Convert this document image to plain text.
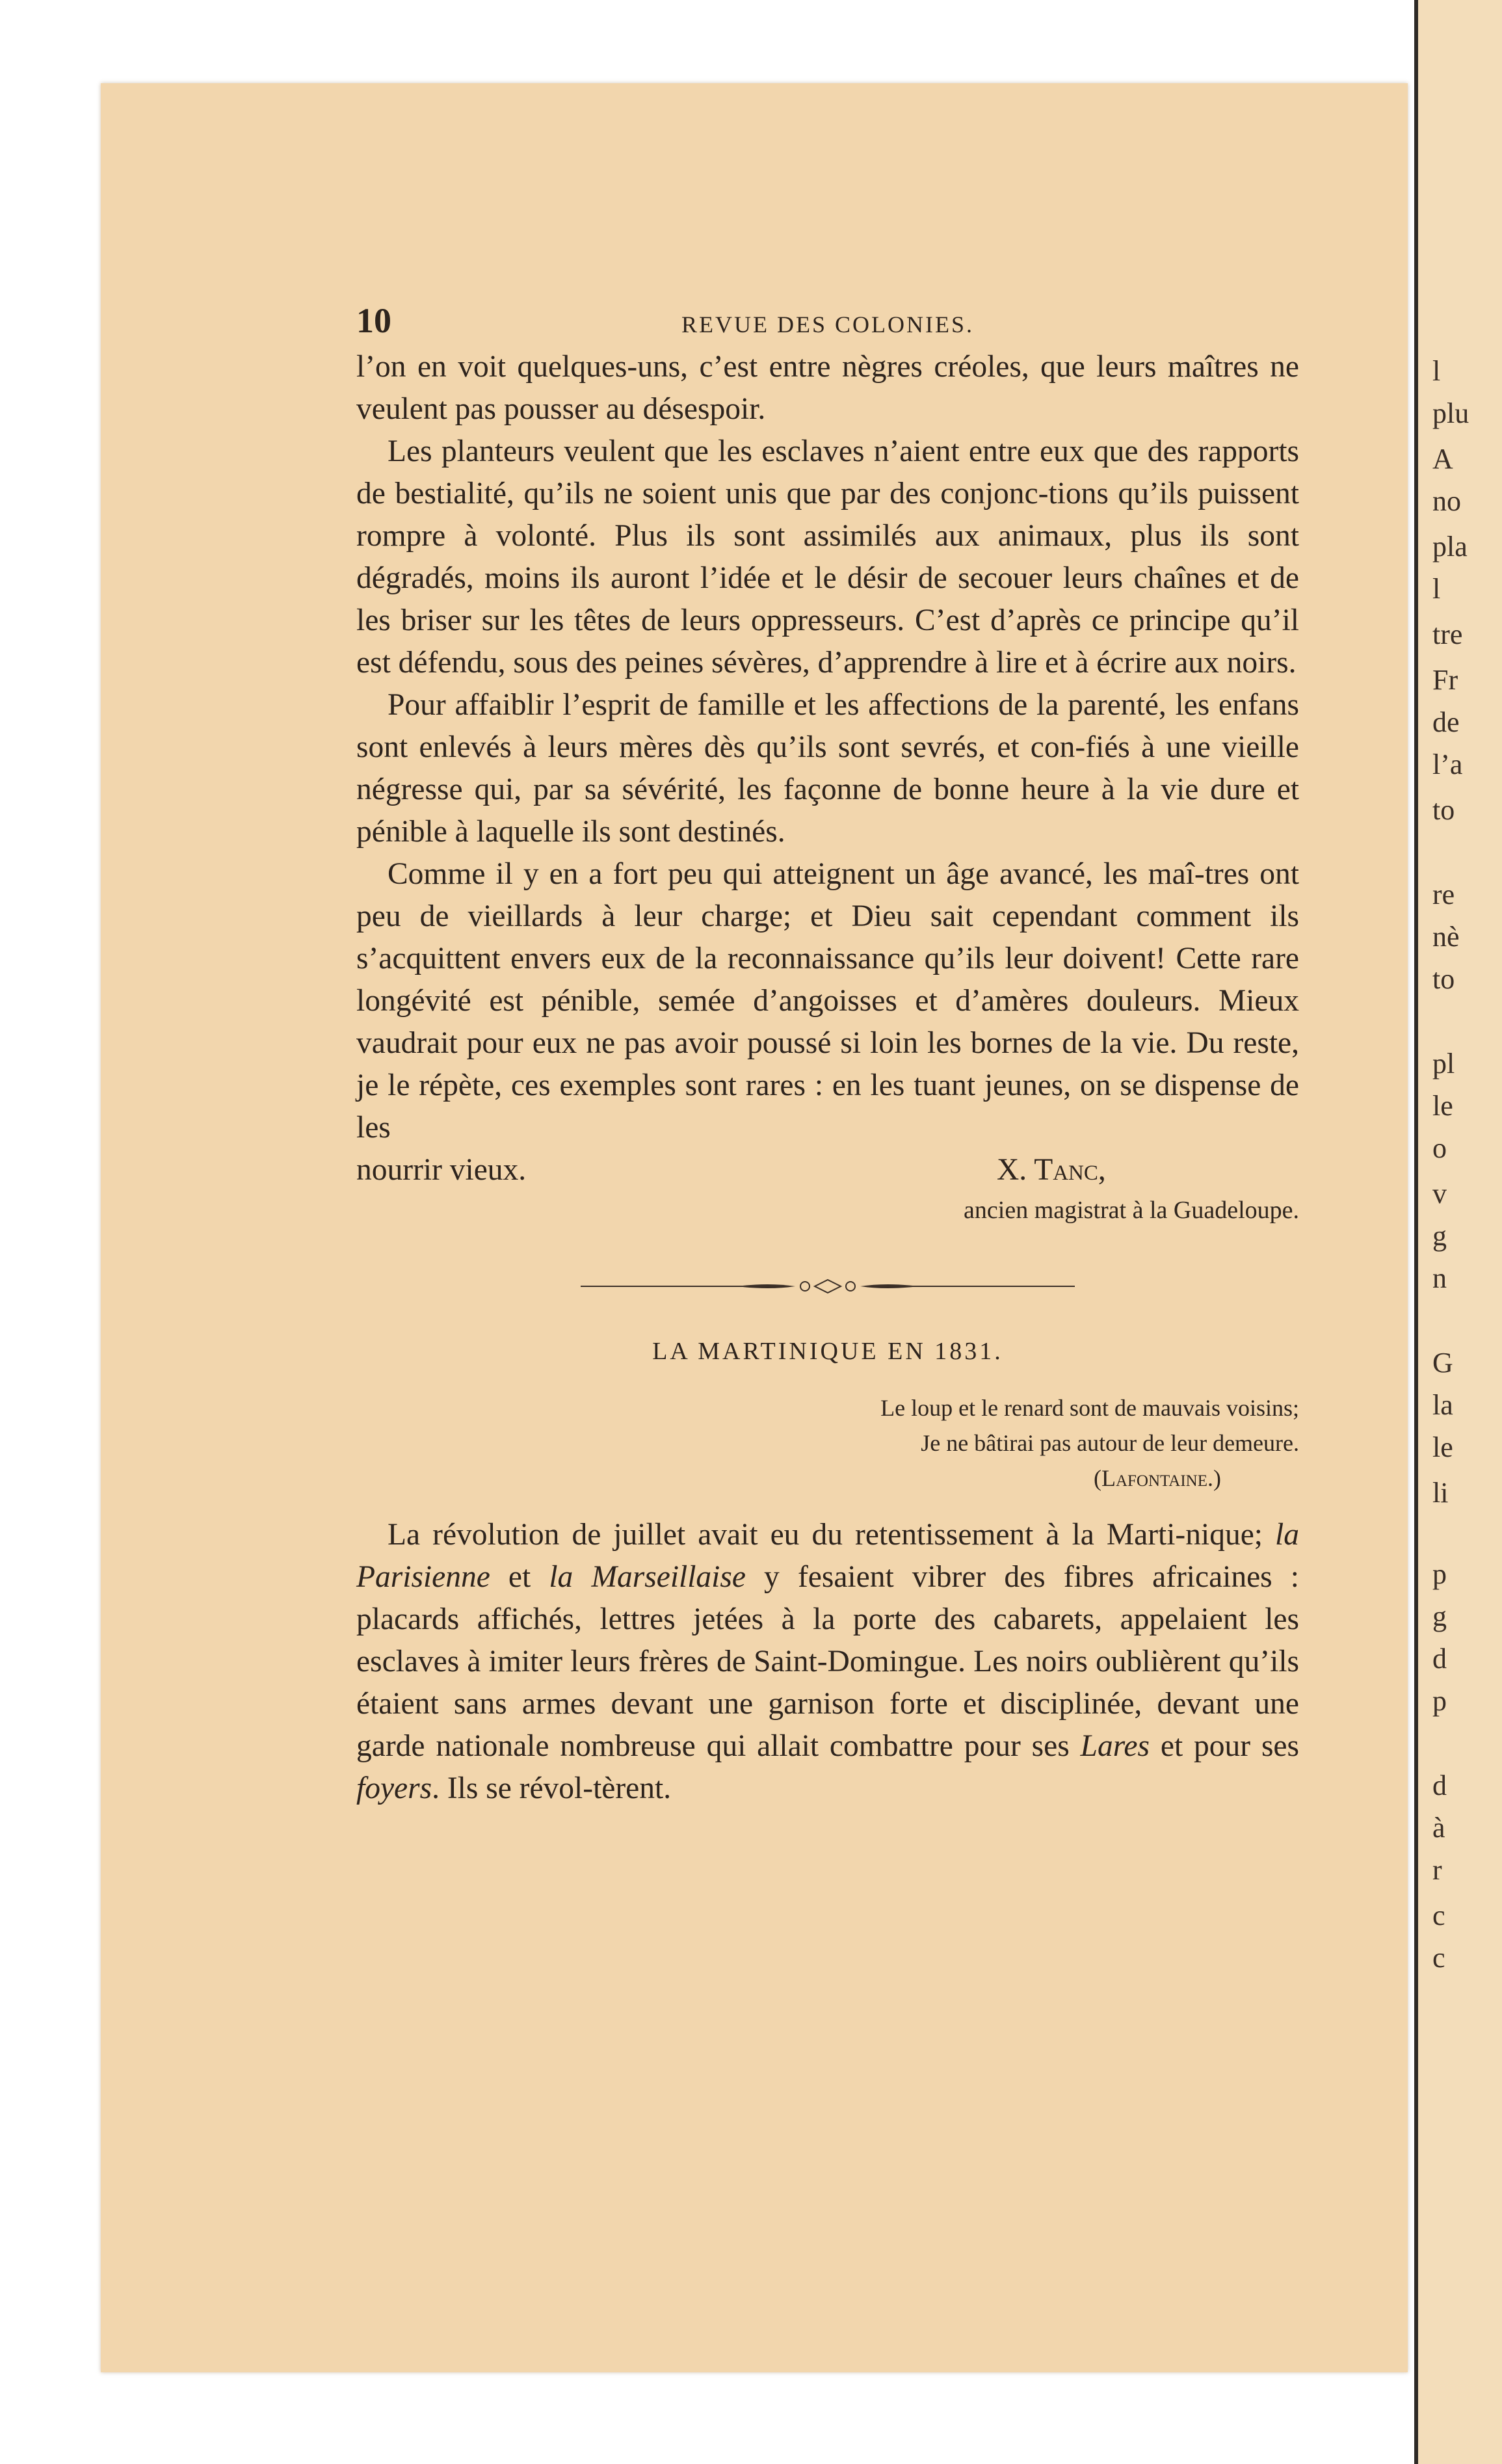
l
plu
A
no
pla
l
tre
Fr
de
l’a
to
re
nè
to
pl
le
o
v
g
n
G
la
le
li
p
g
d
p
d
à
r
c
c
10	REVUE DES COLONIES.

l’on en voit quelques-uns, c’est entre nègres créoles, que leurs maîtres ne veulent pas pousser au désespoir.

Les planteurs veulent que les esclaves n’aient entre eux que des rapports de bestialité, qu’ils ne soient unis que par des conjonc-tions qu’ils puissent rompre à volonté. Plus ils sont assimilés aux animaux, plus ils sont dégradés, moins ils auront l’idée et le désir de secouer leurs chaînes et de les briser sur les têtes de leurs oppresseurs. C’est d’après ce principe qu’il est défendu, sous des peines sévères, d’apprendre à lire et à écrire aux noirs.

Pour affaiblir l’esprit de famille et les affections de la parenté, les enfans sont enlevés à leurs mères dès qu’ils sont sevrés, et con-fiés à une vieille négresse qui, par sa sévérité, les façonne de bonne heure à la vie dure et pénible à laquelle ils sont destinés.

Comme il y en a fort peu qui atteignent un âge avancé, les maî-tres ont peu de vieillards à leur charge; et Dieu sait cependant comment ils s’acquittent envers eux de la reconnaissance qu’ils leur doivent! Cette rare longévité est pénible, semée d’angoisses et d’amères douleurs. Mieux vaudrait pour eux ne pas avoir poussé si loin les bornes de la vie. Du reste, je le répète, ces exemples sont rares : en les tuant jeunes, on se dispense de les

nourrir vieux.	X. Tanc,

ancien magistrat à la Guadeloupe.

LA MARTINIQUE EN 1831.
Le loup et le renard sont de mauvais voisins;
Je ne bâtirai pas autour de leur demeure.
(Lafontaine.)

La révolution de juillet avait eu du retentissement à la Marti-nique; la Parisienne et la Marseillaise y fesaient vibrer des fibres africaines : placards affichés, lettres jetées à la porte des cabarets, appelaient les esclaves à imiter leurs frères de Saint-Domingue. Les noirs oublièrent qu’ils étaient sans armes devant une garnison forte et disciplinée, devant une garde nationale nombreuse qui allait combattre pour ses Lares et pour ses foyers. Ils se révol-tèrent.
